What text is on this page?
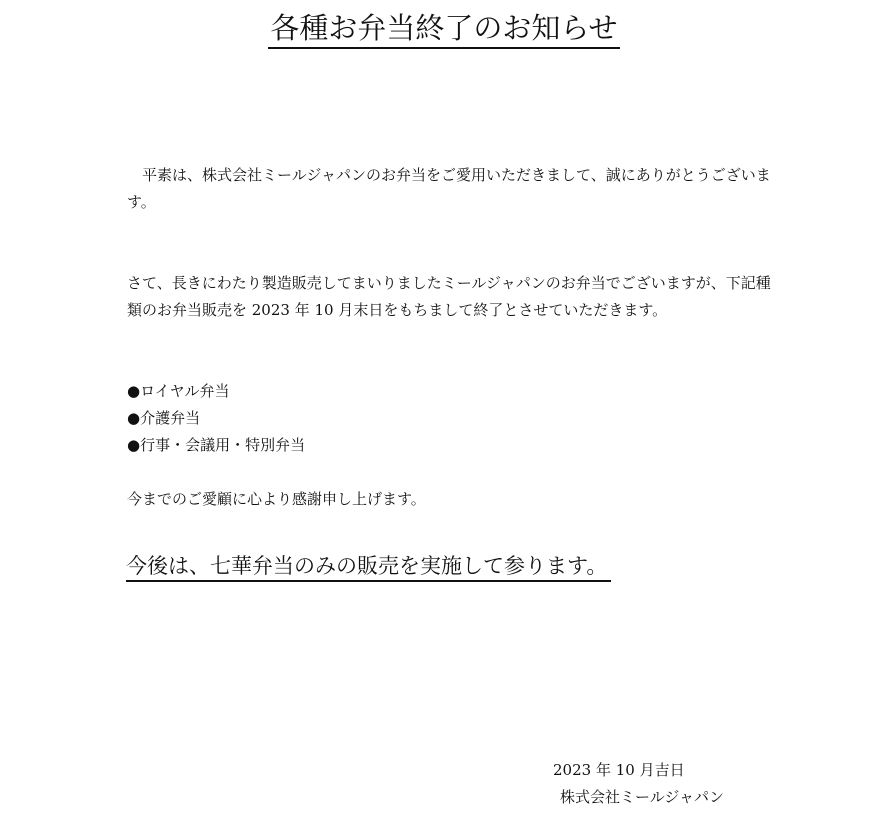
各種お弁当終了のお知らせ

　平素は、株式会社ミールジャパンのお弁当をご愛用いただきまして、誠にありがとうございます。

さて、長きにわたり製造販売してまいりましたミールジャパンのお弁当でございますが、下記種類のお弁当販売を 2023 年 10 月末日をもちまして終了とさせていただきます。

●ロイヤル弁当
●介護弁当
●行事・会議用・特別弁当

今までのご愛顧に心より感謝申し上げます。

今後は、七華弁当のみの販売を実施して参ります。

2023 年 10 月吉日

株式会社ミールジャパン
